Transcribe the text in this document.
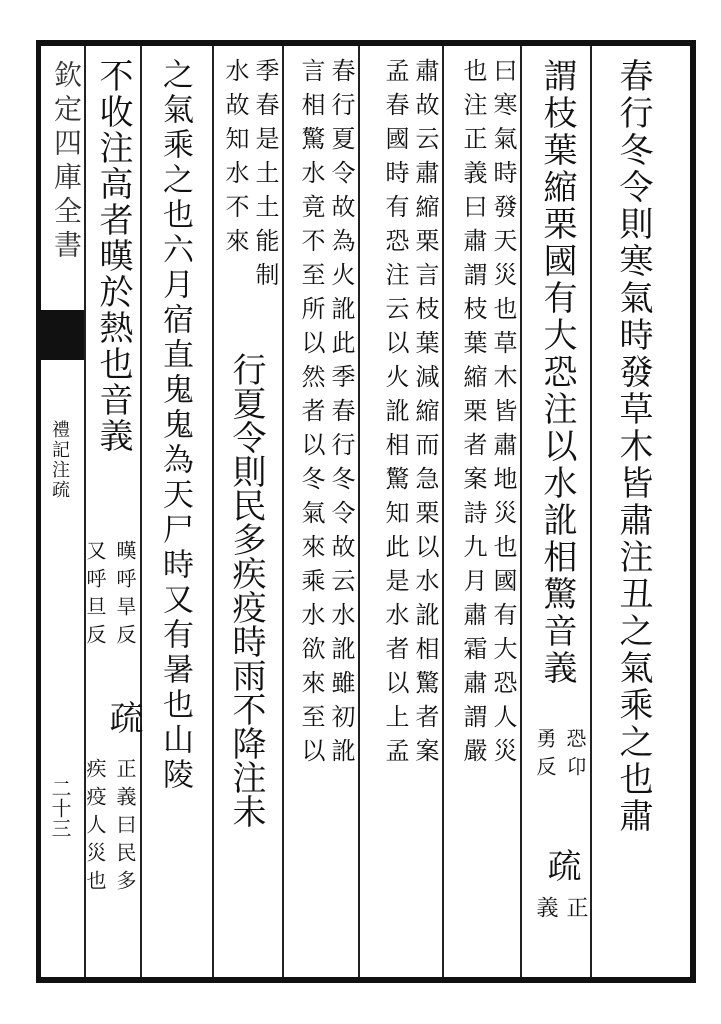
欽定四庫全書
禮記注疏
二十三	春行冬令則寒氣時發草木皆肅注丑之氣乘之也肅
謂枝葉縮栗國有大恐注以水訛相驚音義
恐卬
勇反
疏
正
義
曰寒氣時發天災也草木皆肅地災也國有大恐人災
也注正義曰肅謂枝葉縮栗者案詩九月肅霜肅謂嚴
肅故云肅縮栗言枝葉減縮而急栗以水訛相驚者案
孟春國時有恐注云以火訛相驚知此是水者以上孟
春行夏令故為火訛此季春行冬令故云水訛雖初訛
言相驚水竟不至所以然者以冬氣來乘水欲來至以
季春是土土能制
水故知水不來
行夏令則民多疾疫時雨不降注未
之氣乘之也六月宿直鬼鬼為天尸時又有暑也山陵
不收注高者暵於熱也音義
暵呼旱反
又呼旦反
疏
正義曰民多
疾疫人災也
